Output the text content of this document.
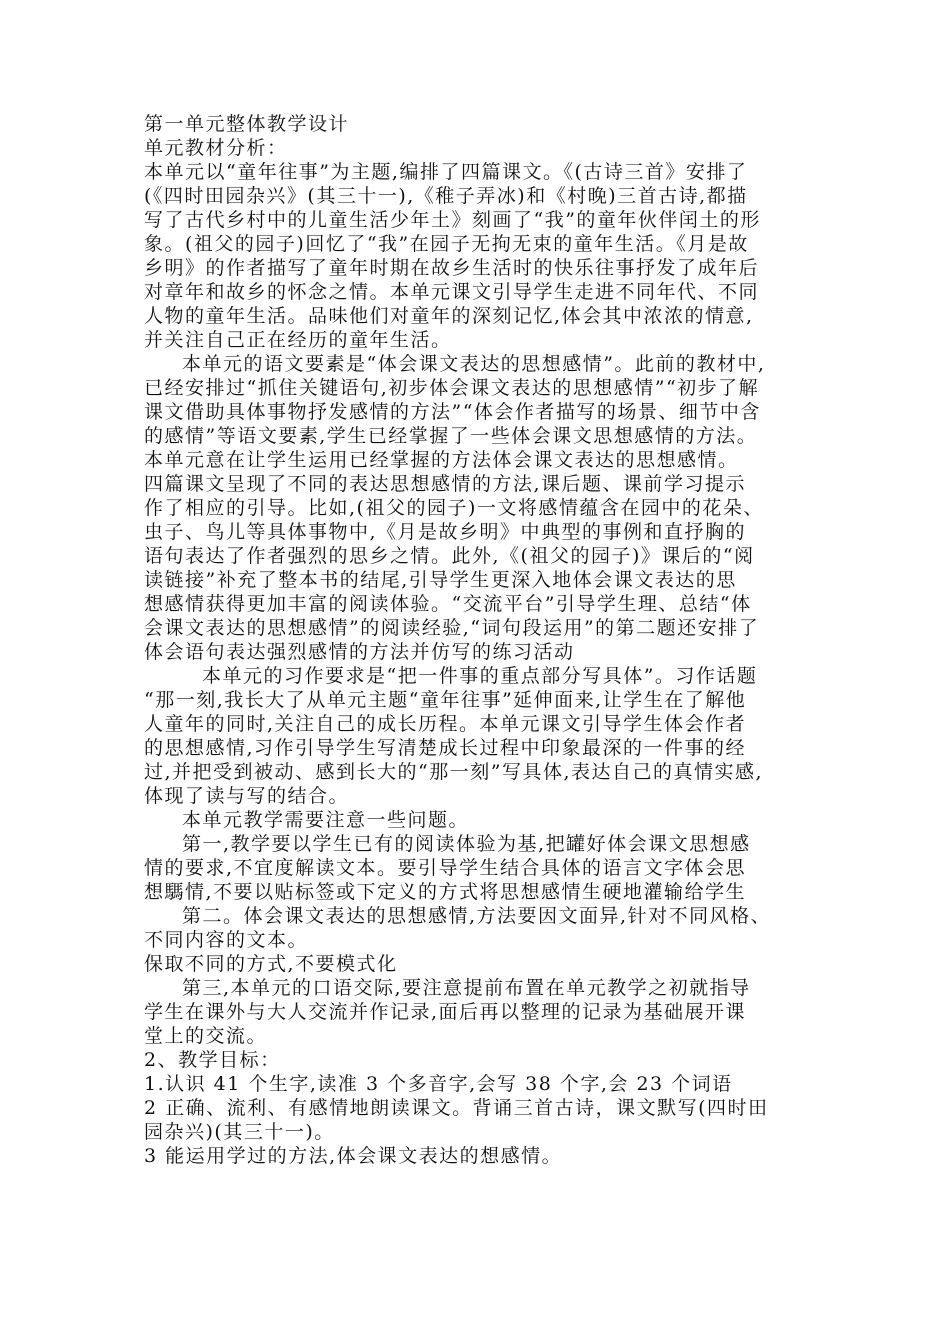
第一单元整体教学设计
单元教材分析：
本单元以“童年往事”为主题,编排了四篇课文。《(古诗三首》安排了
(《四时田园杂兴》(其三十一),《稚子弄冰)和《村晚)三首古诗,都描
写了古代乡村中的儿童生活少年土》刻画了“我”的童年伙伴闰土的形
象。(祖父的园子)回忆了“我”在园子无拘无束的童年生活。《月是故
乡明》的作者描写了童年时期在故乡生活时的快乐往事抒发了成年后
对章年和故乡的怀念之情。本单元课文引导学生走进不同年代、不同
人物的童年生活。品味他们对童年的深刻记忆,体会其中浓浓的情意,
并关注自己正在经历的童年生活。
本单元的语文要素是“体会课文表达的思想感情”。此前的教材中,
已经安排过“抓住关键语句,初步体会课文表达的思想感情”“初步了解
课文借助具体事物抒发感情的方法”“体会作者描写的场景、细节中含
的感情”等语文要素,学生已经掌握了一些体会课文思想感情的方法。
本单元意在让学生运用已经掌握的方法体会课文表达的思想感情。
四篇课文呈现了不同的表达思想感情的方法,课后题、课前学习提示
作了相应的引导。比如,(祖父的园子)一文将感情蕴含在园中的花朵、
虫子、鸟儿等具体事物中,《月是故乡明》中典型的事例和直抒胸的
语句表达了作者强烈的思乡之情。此外,《(祖父的园子)》课后的“阅
读链接”补充了整本书的结尾,引导学生更深入地体会课文表达的思
想感情获得更加丰富的阅读体验。“交流平台”引导学生理、总结“体
会课文表达的思想感情”的阅读经验,“词句段运用”的第二题还安排了
体会语句表达强烈感情的方法并仿写的练习活动
本单元的习作要求是“把一件事的重点部分写具体”。习作话题
“那一刻,我长大了从单元主题“童年往事”延伸面来,让学生在了解他
人童年的同时,关注自己的成长历程。本单元课文引导学生体会作者
的思想感情,习作引导学生写清楚成长过程中印象最深的一件事的经
过,并把受到被动、感到长大的“那一刻”写具体,表达自己的真情实感,
体现了读与写的结合。
本单元教学需要注意一些问题。
第一,教学要以学生已有的阅读体验为基,把罐好体会课文思想感
情的要求,不宜度解读文本。要引导学生结合具体的语言文字体会思
想騳情,不要以贴标签或下定义的方式将思想感情生硬地灌输给学生
第二。体会课文表达的思想感情,方法要因文面异,针对不同风格、
不同内容的文本。
保取不同的方式,不要模式化
第三,本单元的口语交际,要注意提前布置在单元教学之初就指导
学生在课外与大人交流并作记录,面后再以整理的记录为基础展开课
堂上的交流。
2、教学目标：
1.认识 41 个生字,读准 3 个多音字,会写 38 个字,会 23 个词语
2 正确、流利、有感情地朗读课文。背诵三首古诗，课文默写(四时田
园杂兴)(其三十一)。
3 能运用学过的方法,体会课文表达的想感情。
